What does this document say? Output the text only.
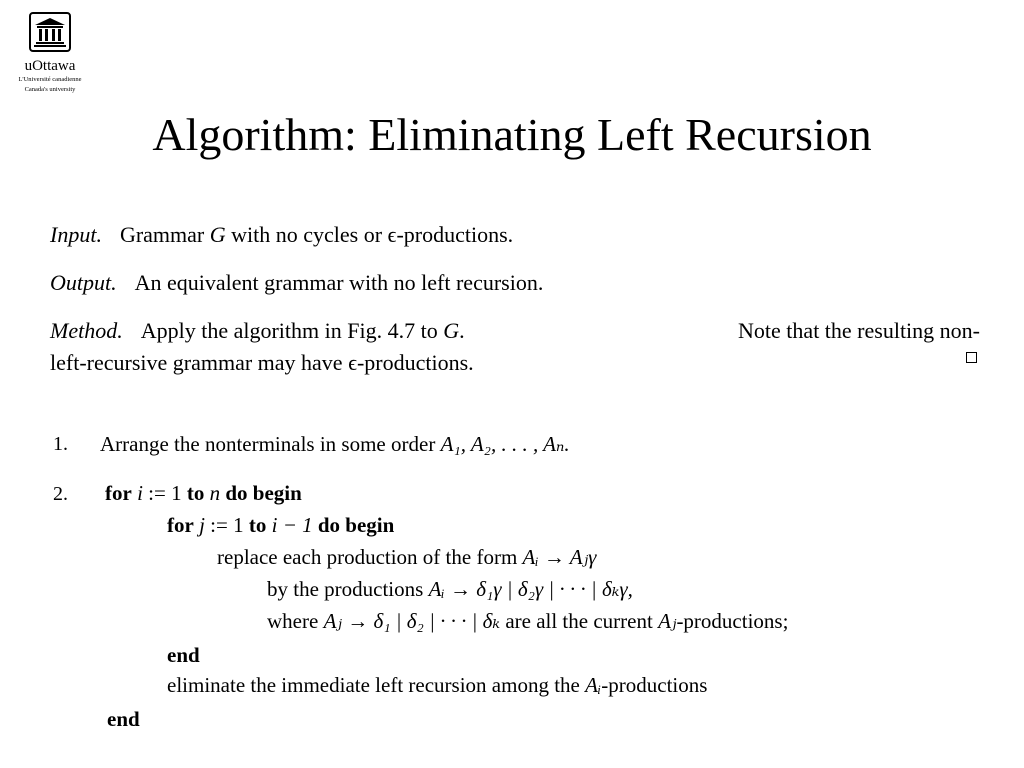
uOttawa
L'Université canadienne
Canada's university
Algorithm: Eliminating Left Recursion
Input. Grammar G with no cycles or ϵ-productions.
Output. An equivalent grammar with no left recursion.
Method. Apply the algorithm in Fig. 4.7 to G.	Note that the resulting non-
left-recursive grammar may have ϵ-productions.
1. Arrange the nonterminals in some order A₁, A₂, . . . , Aₙ.
2. for i := 1 to n do begin
for j := 1 to i − 1 do begin
replace each production of the form Aᵢ → Aⱼγ
by the productions Aᵢ → δ₁γ | δ₂γ | · · · | δₖγ,
where Aⱼ → δ₁ | δ₂ | · · · | δₖ are all the current Aⱼ-productions;
end
eliminate the immediate left recursion among the Aᵢ-productions
end
